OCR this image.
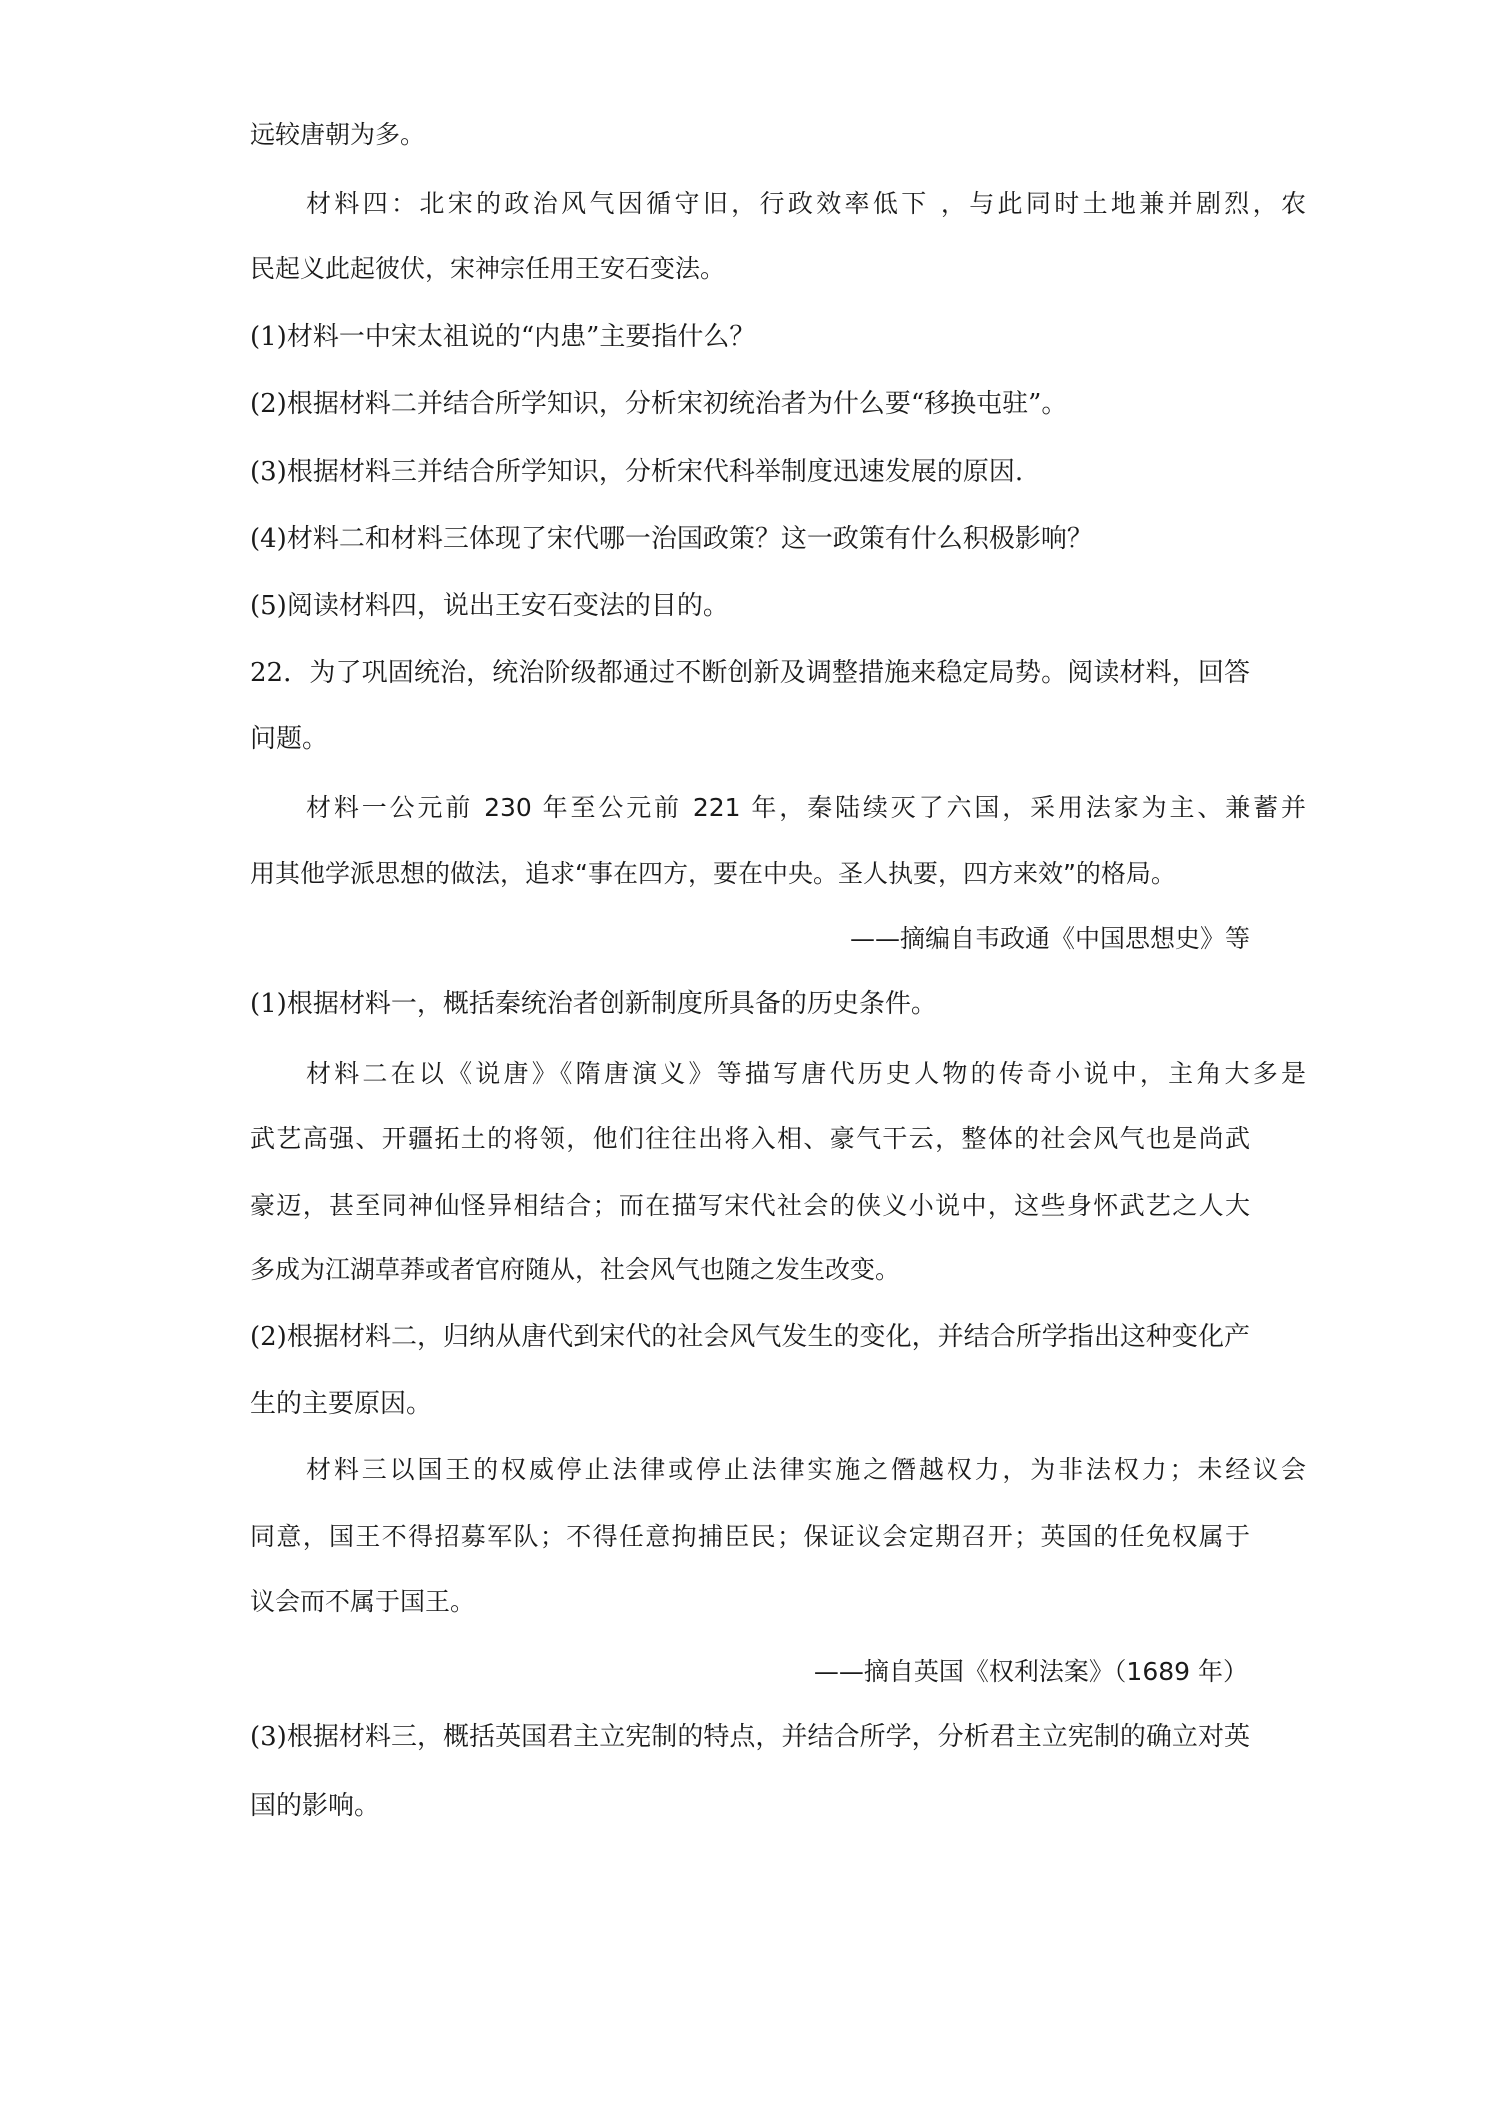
远较唐朝为多。

材料四：北宋的政治风气因循守旧，行政效率低下 ，与此同时土地兼并剧烈，农

民起义此起彼伏，宋神宗任用王安石变法。

(1)材料一中宋太祖说的“内患”主要指什么？

(2)根据材料二并结合所学知识，分析宋初统治者为什么要“移换屯驻”。

(3)根据材料三并结合所学知识，分析宋代科举制度迅速发展的原因.

(4)材料二和材料三体现了宋代哪一治国政策？这一政策有什么积极影响？

(5)阅读材料四，说出王安石变法的目的。

22．为了巩固统治，统治阶级都通过不断创新及调整措施来稳定局势。阅读材料，回答

问题。

材料一公元前 230 年至公元前 221 年，秦陆续灭了六国，采用法家为主、兼蓄并

用其他学派思想的做法，追求“事在四方，要在中央。圣人执要，四方来效”的格局。

——摘编自韦政通《中国思想史》等

(1)根据材料一，概括秦统治者创新制度所具备的历史条件。

材料二在以《说唐》《隋唐演义》等描写唐代历史人物的传奇小说中，主角大多是

武艺高强、开疆拓土的将领，他们往往出将入相、豪气干云，整体的社会风气也是尚武

豪迈，甚至同神仙怪异相结合；而在描写宋代社会的侠义小说中，这些身怀武艺之人大

多成为江湖草莽或者官府随从，社会风气也随之发生改变。

(2)根据材料二，归纳从唐代到宋代的社会风气发生的变化，并结合所学指出这种变化产

生的主要原因。

材料三以国王的权威停止法律或停止法律实施之僭越权力，为非法权力；未经议会

同意，国王不得招募军队；不得任意拘捕臣民；保证议会定期召开；英国的任免权属于

议会而不属于国王。

——摘自英国《权利法案》（1689 年）

(3)根据材料三，概括英国君主立宪制的特点，并结合所学，分析君主立宪制的确立对英

国的影响。
